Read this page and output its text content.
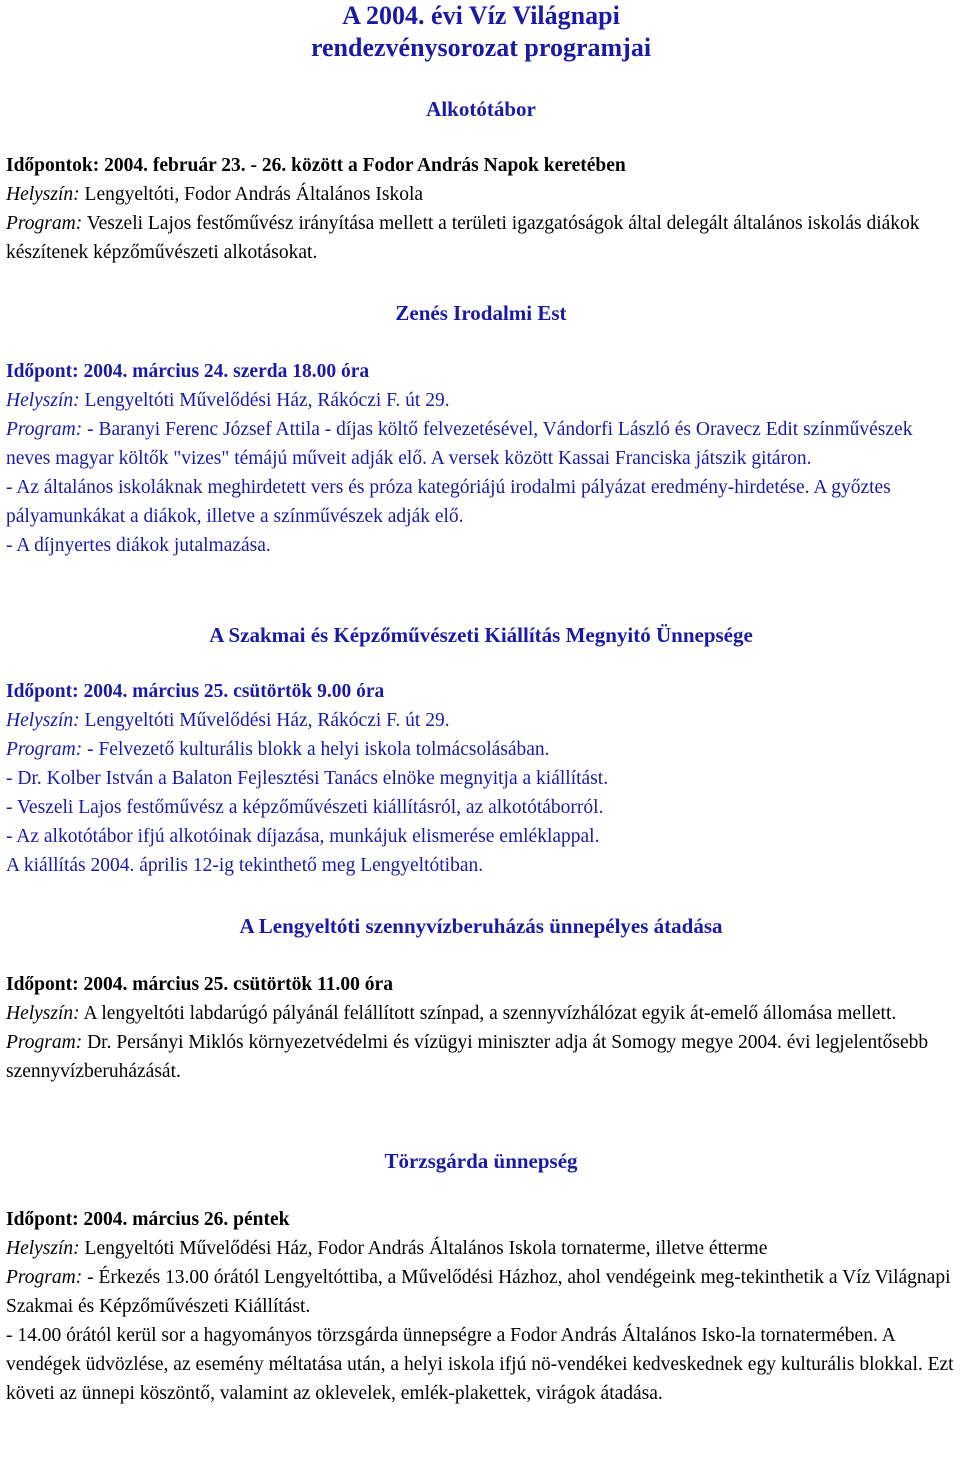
A 2004. évi Víz Világnapi
rendezvénysorozat programjai
Alkotótábor

Időpontok: 2004. február 23. - 26. között a Fodor András Napok keretében

Helyszín: Lengyeltóti, Fodor András Általános Iskola

Program: Veszeli Lajos festőművész irányítása mellett a területi igazgatóságok által delegált általános iskolás diákok készítenek képzőművészeti alkotásokat.

Zenés Irodalmi Est

Időpont: 2004. március 24. szerda 18.00 óra

Helyszín: Lengyeltóti Művelődési Ház, Rákóczi F. út 29.

Program: - Baranyi Ferenc József Attila - díjas költő felvezetésével, Vándorfi László és Oravecz Edit színművészek neves magyar költők "vizes" témájú műveit adják elő. A versek között Kassai Franciska játszik gitáron.

- Az általános iskoláknak meghirdetett vers és próza kategóriájú irodalmi pályázat eredmény-hirdetése. A győztes pályamunkákat a diákok, illetve a színművészek adják elő.

- A díjnyertes diákok jutalmazása.

A Szakmai és Képzőművészeti Kiállítás Megnyitó Ünnepsége

Időpont: 2004. március 25. csütörtök 9.00 óra

Helyszín: Lengyeltóti Művelődési Ház, Rákóczi F. út 29.

Program: - Felvezető kulturális blokk a helyi iskola tolmácsolásában.

- Dr. Kolber István a Balaton Fejlesztési Tanács elnöke megnyitja a kiállítást.

- Veszeli Lajos festőművész a képzőművészeti kiállításról, az alkotótáborról.

- Az alkotótábor ifjú alkotóinak díjazása, munkájuk elismerése emléklappal.

A kiállítás 2004. április 12-ig tekinthető meg Lengyeltótiban.

A Lengyeltóti szennyvízberuházás ünnepélyes átadása

Időpont: 2004. március 25. csütörtök 11.00 óra

Helyszín: A lengyeltóti labdarúgó pályánál felállított színpad, a szennyvízhálózat egyik át-emelő állomása mellett.

Program: Dr. Persányi Miklós környezetvédelmi és vízügyi miniszter adja át Somogy megye 2004. évi legjelentősebb szennyvízberuházását.

Törzsgárda ünnepség

Időpont: 2004. március 26. péntek

Helyszín: Lengyeltóti Művelődési Ház, Fodor András Általános Iskola tornaterme, illetve étterme

Program: - Érkezés 13.00 órától Lengyeltóttiba, a Művelődési Házhoz, ahol vendégeink meg-tekinthetik a Víz Világnapi Szakmai és Képzőművészeti Kiállítást.

- 14.00 órától kerül sor a hagyományos törzsgárda ünnepségre a Fodor András Általános Isko-la tornatermében. A vendégek üdvözlése, az esemény méltatása után, a helyi iskola ifjú nö-vendékei kedveskednek egy kulturális blokkal. Ezt követi az ünnepi köszöntő, valamint az oklevelek, emlék-plakettek, virágok átadása.
